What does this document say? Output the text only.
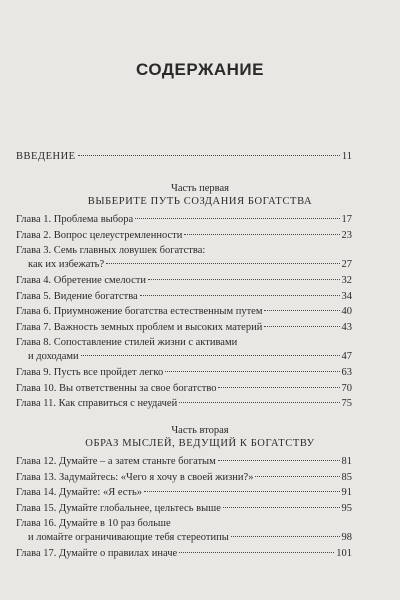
СОДЕРЖАНИЕ
ВВЕДЕНИЕ	11
Часть первая
ВЫБЕРИТЕ ПУТЬ СОЗДАНИЯ БОГАТСТВА
Глава 1. Проблема выбора	17
Глава 2. Вопрос целеустремленности	23
Глава 3. Семь главных ловушек богатства:
как их избежать?	27
Глава 4. Обретение смелости	32
Глава 5. Видение богатства	34
Глава 6. Приумножение богатства естественным путем	40
Глава 7. Важность земных проблем и высоких материй	43
Глава 8. Сопоставление стилей жизни с активами
и доходами	47
Глава 9. Пусть все пройдет легко	63
Глава 10. Вы ответственны за свое богатство	70
Глава 11. Как справиться с неудачей	75
Часть вторая
ОБРАЗ МЫСЛЕЙ, ВЕДУЩИЙ К БОГАТСТВУ
Глава 12. Думайте – а затем станьте богатым	81
Глава 13. Задумайтесь: «Чего я хочу в своей жизни?»	85
Глава 14. Думайте: «Я есть»	91
Глава 15. Думайте глобальнее, цельтесь выше	95
Глава 16. Думайте в 10 раз больше
и ломайте ограничивающие тебя стереотипы	98
Глава 17. Думайте о правилах иначе	101
